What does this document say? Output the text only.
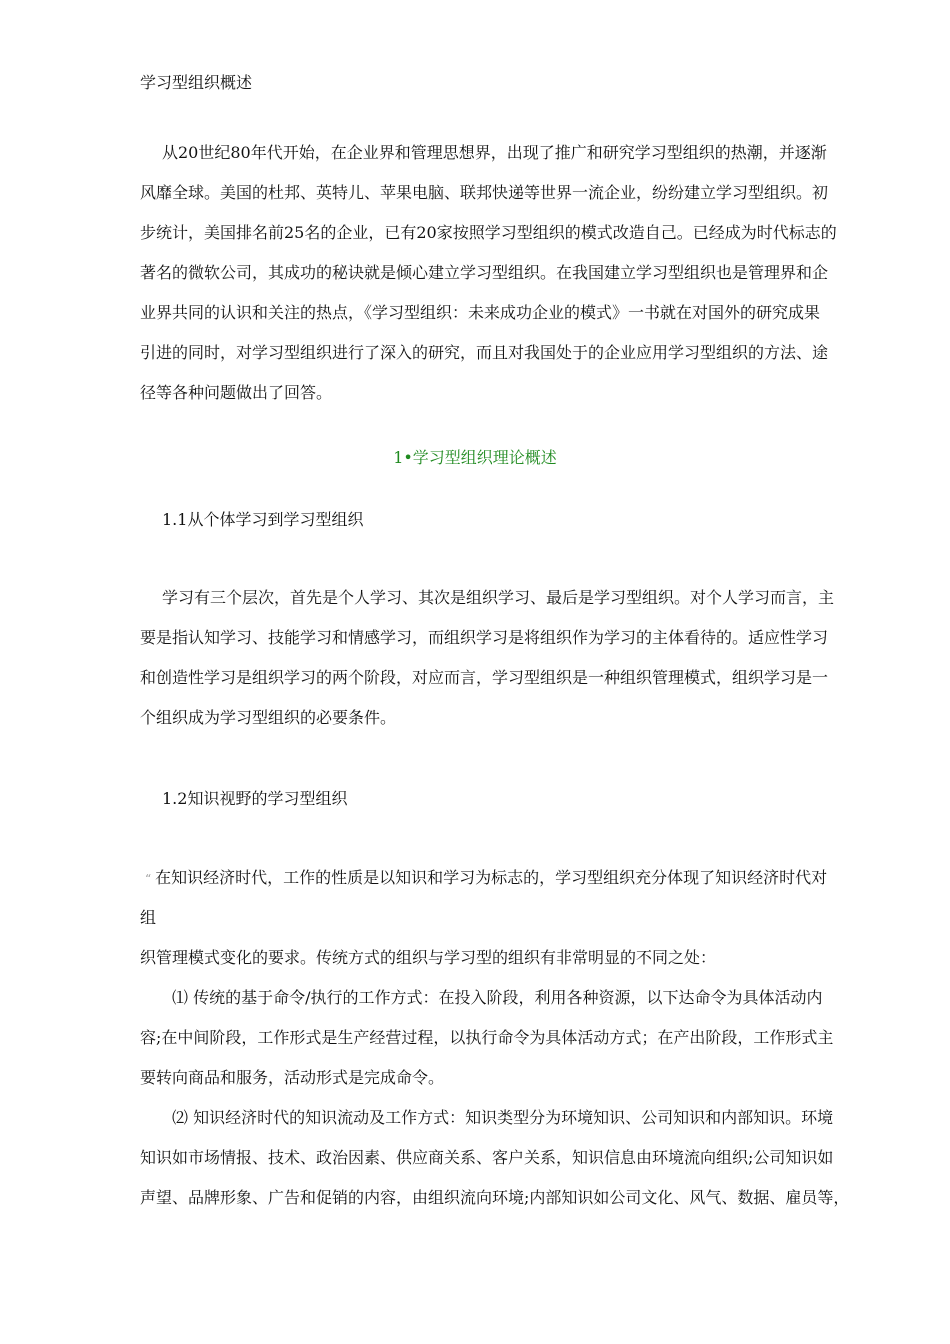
学习型组织概述
从20世纪80年代开始，在企业界和管理思想界，出现了推广和研究学习型组织的热潮，并逐渐
风靡全球。美国的杜邦、英特儿、苹果电脑、联邦快递等世界一流企业，纷纷建立学习型组织。初
步统计，美国排名前25名的企业，已有20家按照学习型组织的模式改造自己。已经成为时代标志的
著名的微软公司，其成功的秘诀就是倾心建立学习型组织。在我国建立学习型组织也是管理界和企
业界共同的认识和关注的热点，《学习型组织：未来成功企业的模式》一书就在对国外的研究成果
引进的同时，对学习型组织进行了深入的研究，而且对我国处于的企业应用学习型组织的方法、途
径等各种问题做出了回答。
1•学习型组织理论概述
1.1从个体学习到学习型组织
学习有三个层次，首先是个人学习、其次是组织学习、最后是学习型组织。对个人学习而言，主
要是指认知学习、技能学习和情感学习，而组织学习是将组织作为学习的主体看待的。适应性学习
和创造性学习是组织学习的两个阶段，对应而言，学习型组织是一种组织管理模式，组织学习是一
个组织成为学习型组织的必要条件。
1.2知识视野的学习型组织
“ 在知识经济时代，工作的性质是以知识和学习为标志的，学习型组织充分体现了知识经济时代对
组
织管理模式变化的要求。传统方式的组织与学习型的组织有非常明显的不同之处：
⑴ 传统的基于命令/执行的工作方式：在投入阶段，利用各种资源，以下达命令为具体活动内
容;在中间阶段，工作形式是生产经营过程，以执行命令为具体活动方式；在产出阶段，工作形式主
要转向商品和服务，活动形式是完成命令。
⑵ 知识经济时代的知识流动及工作方式：知识类型分为环境知识、公司知识和内部知识。环境
知识如市场情报、技术、政治因素、供应商关系、客户关系，知识信息由环境流向组织;公司知识如
声望、品牌形象、广告和促销的内容，由组织流向环境;内部知识如公司文化、风气、数据、雇员等，
